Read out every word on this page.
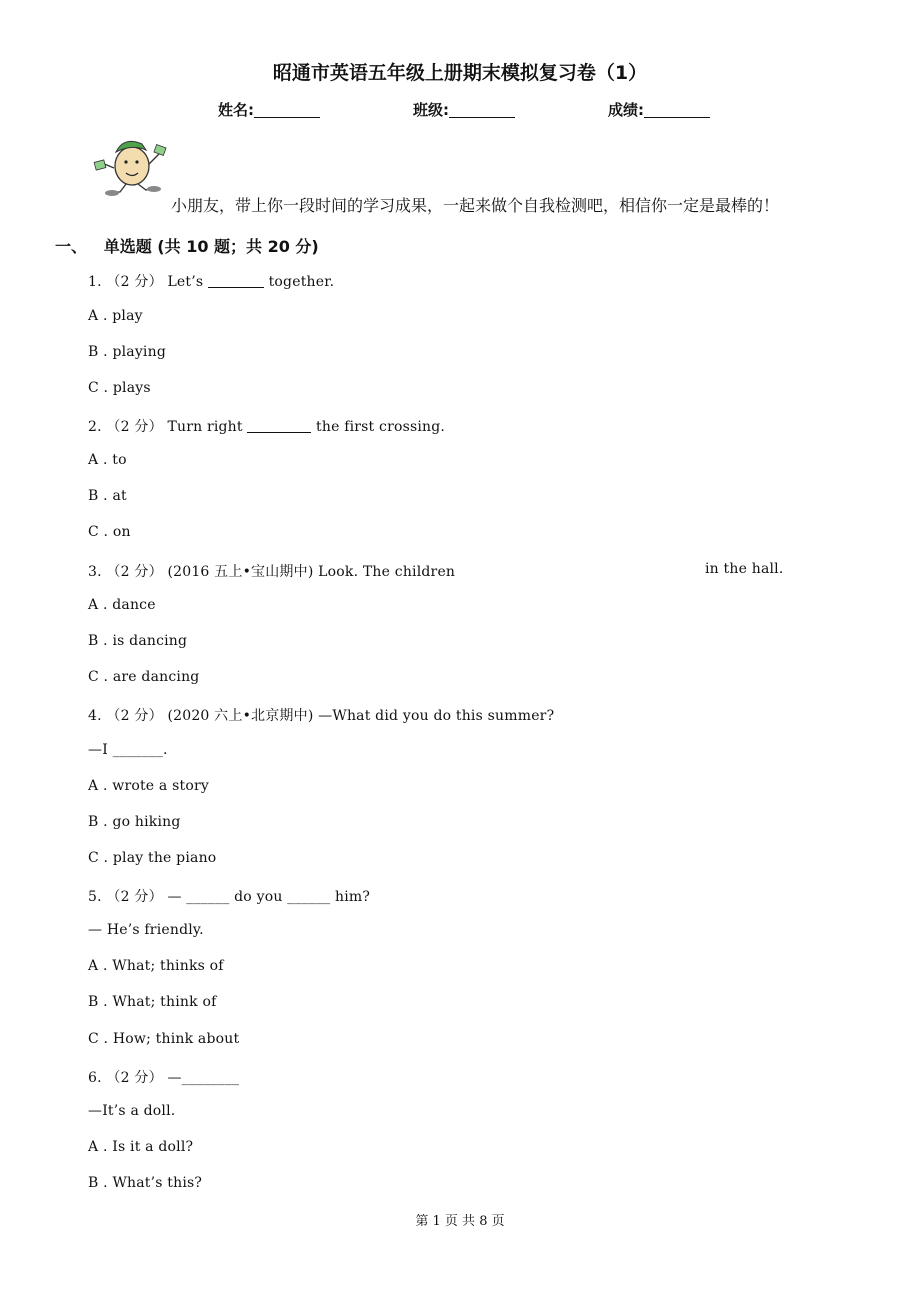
昭通市英语五年级上册期末模拟复习卷（1）
姓名:	班级:	成绩:
小朋友，带上你一段时间的学习成果，一起来做个自我检测吧，相信你一定是最棒的！
一、 单选题 (共 10 题；共 20 分)
1. （2 分） Let’s	together.
A . play
B . playing
C . plays
2. （2 分） Turn right	the first crossing.
A . to
B . at
C . on
3. （2 分） (2016 五上•宝山期中) Look. The children	in the hall.
A . dance
B . is dancing
C . are dancing
4. （2 分） (2020 六上•北京期中) —What did you do this summer?
—I _______.
A . wrote a story
B . go hiking
C . play the piano
5. （2 分） — ______ do you ______ him?
— He’s friendly.
A . What; thinks of
B . What; think of
C . How; think about
6. （2 分） —________
—It’s a doll.
A . Is it a doll?
B . What’s this?
第 1 页 共 8 页
